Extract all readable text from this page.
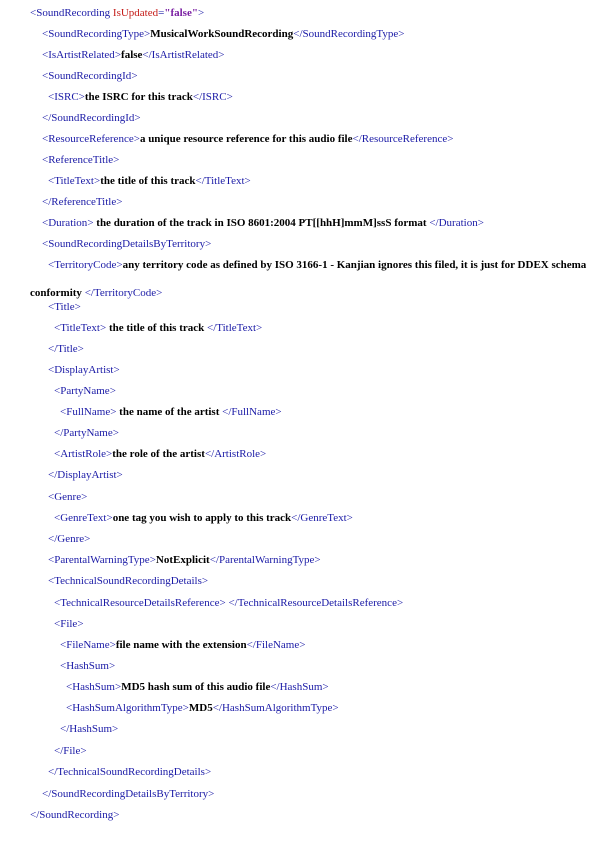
<SoundRecording IsUpdated="false">
<SoundRecordingType>MusicalWorkSoundRecording</SoundRecordingType>
<IsArtistRelated>false</IsArtistRelated>
<SoundRecordingId>
<ISRC>the ISRC for this track</ISRC>
</SoundRecordingId>
<ResourceReference>a unique resource reference for this audio file</ResourceReference>
<ReferenceTitle>
<TitleText>the title of this track</TitleText>
</ReferenceTitle>
<Duration> the duration of the track in ISO 8601:2004 PT[[hhH]mmM]ssS format </Duration>
<SoundRecordingDetailsByTerritory>
<TerritoryCode>any territory code as defined by ISO 3166-1 - Kanjian ignores this filed, it is just for DDEX schema conformity </TerritoryCode>
<Title>
<TitleText> the title of this track </TitleText>
</Title>
<DisplayArtist>
<PartyName>
<FullName> the name of the artist </FullName>
</PartyName>
<ArtistRole>the role of the artist</ArtistRole>
</DisplayArtist>
<Genre>
<GenreText>one tag you wish to apply to this track</GenreText>
</Genre>
<ParentalWarningType>NotExplicit</ParentalWarningType>
<TechnicalSoundRecordingDetails>
<TechnicalResourceDetailsReference> </TechnicalResourceDetailsReference>
<File>
<FileName>file name with the extension</FileName>
<HashSum>
<HashSum>MD5 hash sum of this audio file</HashSum>
<HashSumAlgorithmType>MD5</HashSumAlgorithmType>
</HashSum>
</File>
</TechnicalSoundRecordingDetails>
</SoundRecordingDetailsByTerritory>
</SoundRecording>
